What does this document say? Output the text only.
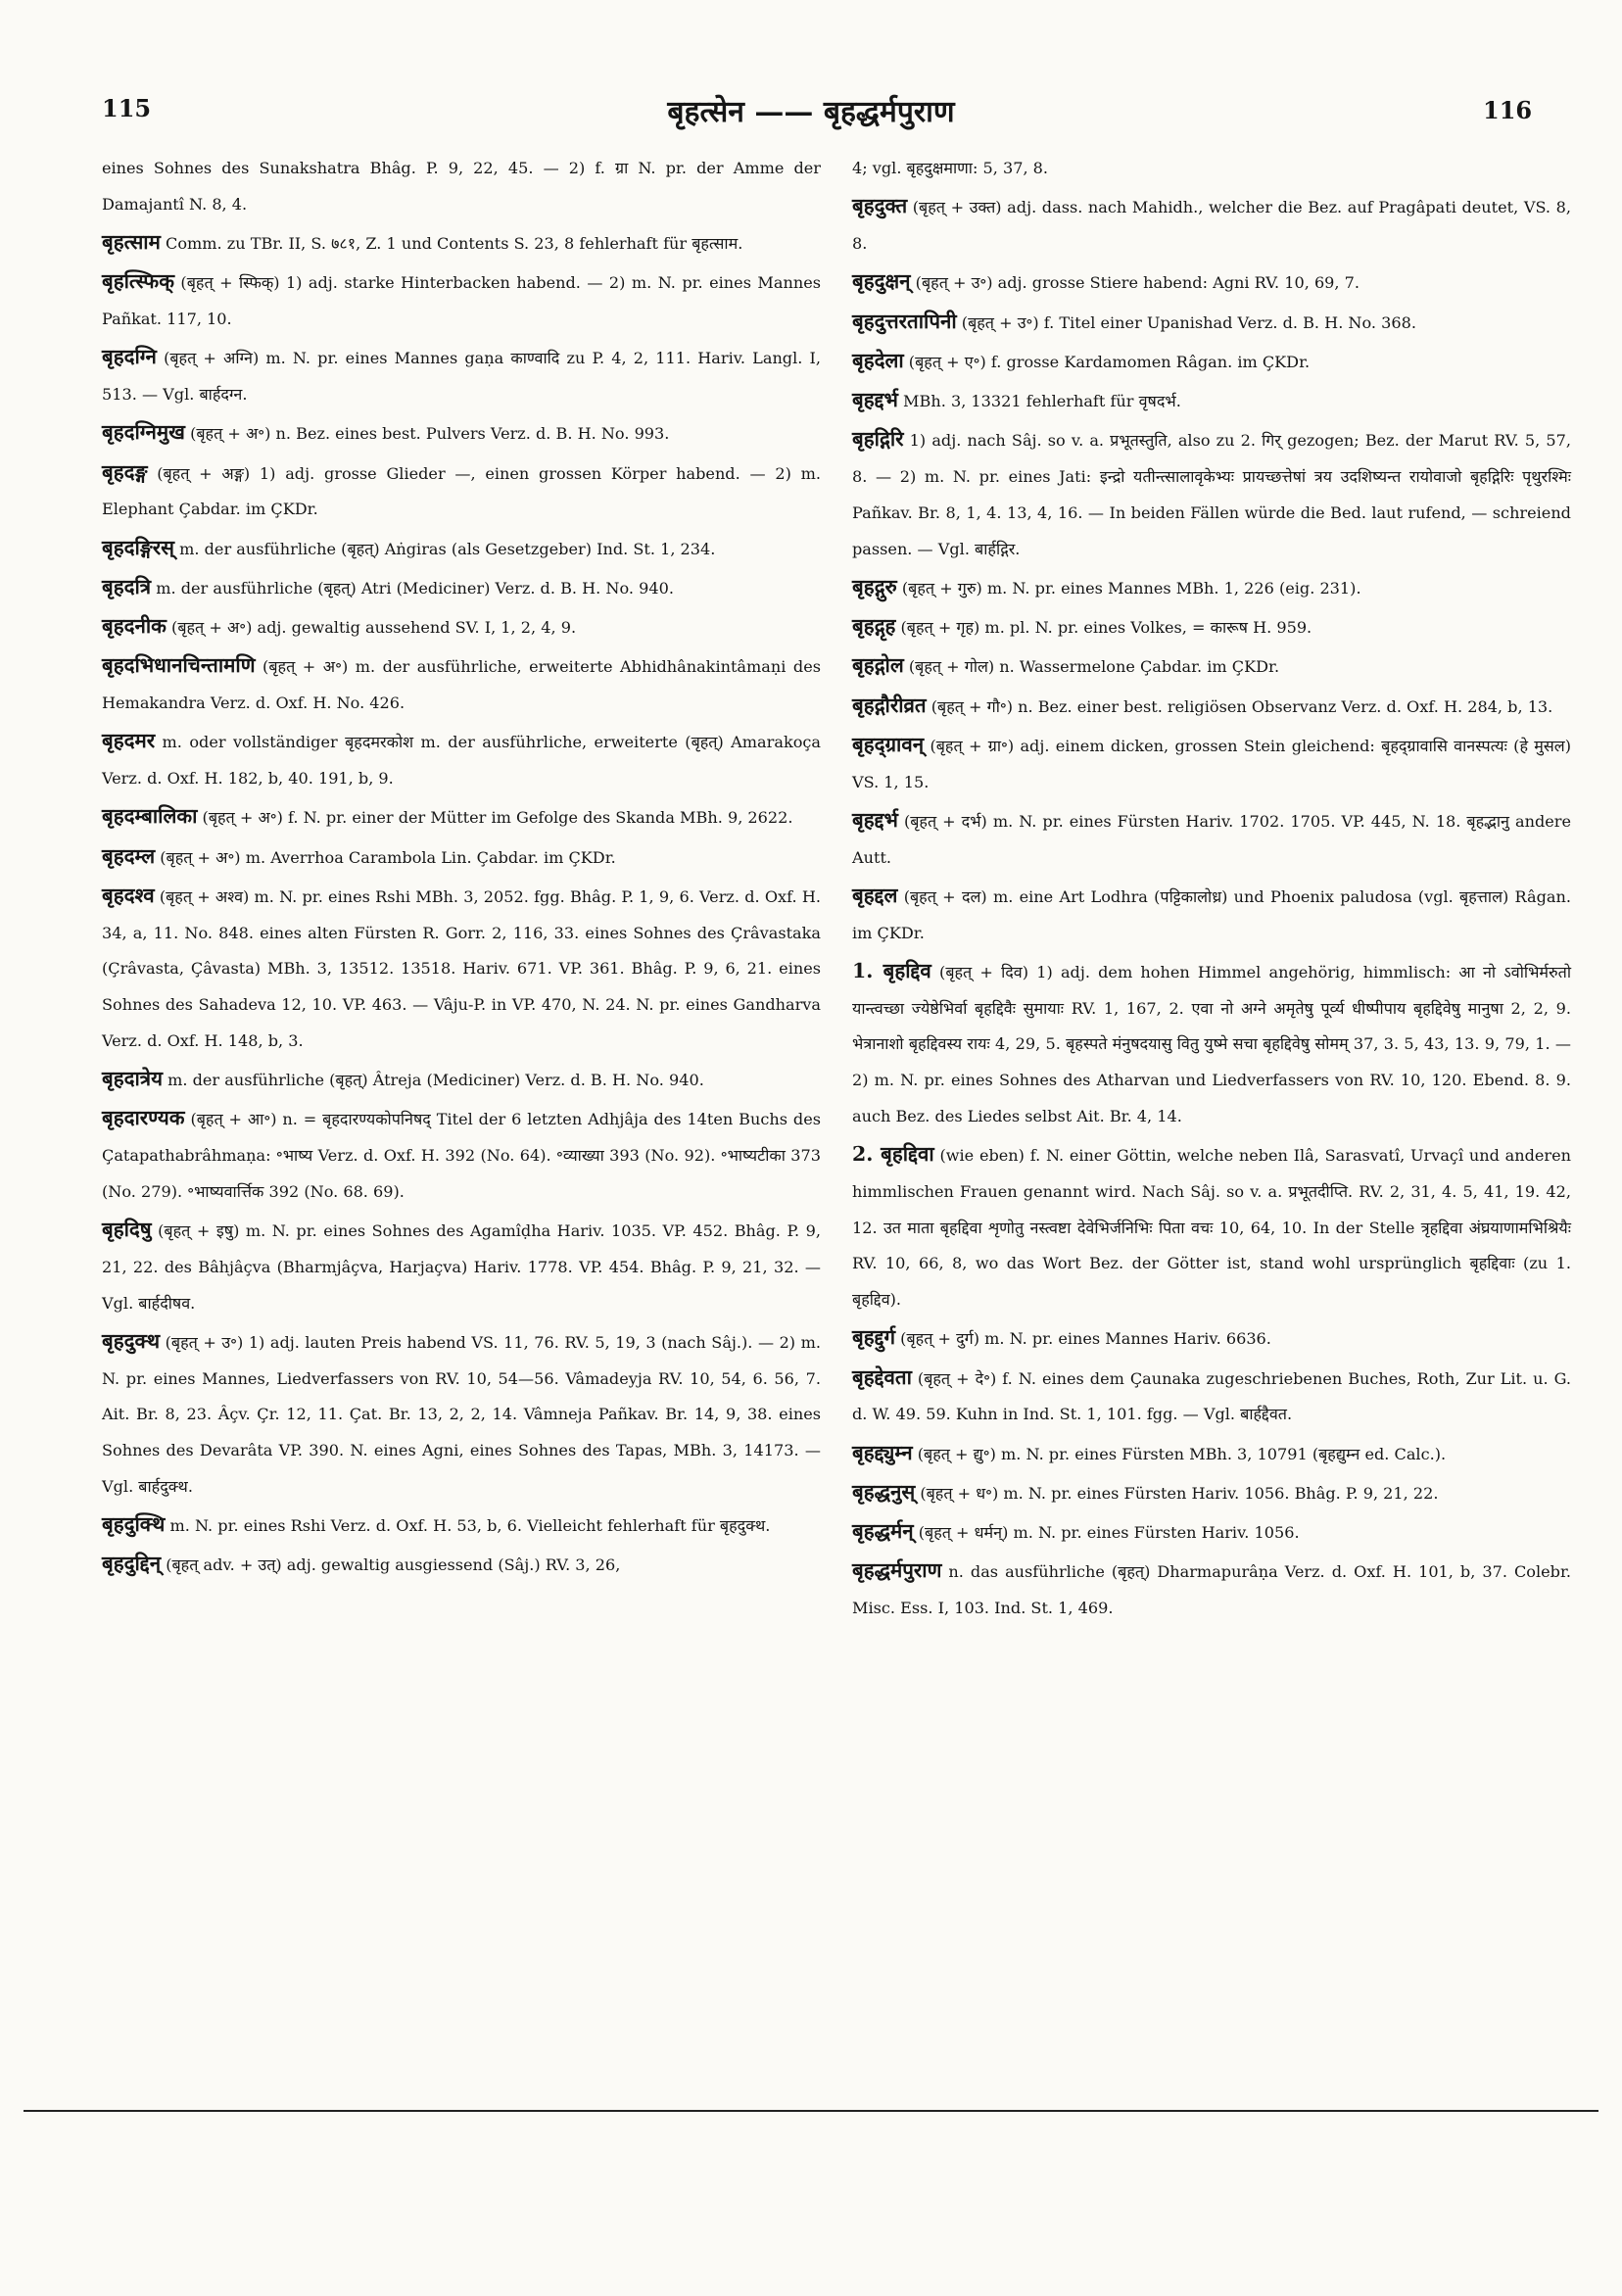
115	बृहत्सेन —— बृहद्धर्मपुराण	116

eines Sohnes des Sunakshatra Bhâg. P. 9, 22, 45. — 2) f. ग्रा N. pr. der Amme der Damajantî N. 8, 4.

बृहत्साम Comm. zu TBr. II, S. ७८१, Z. 1 und Contents S. 23, 8 fehlerhaft für बृहत्साम.

बृहत्स्फिक् (बृहत् + स्फिक्) 1) adj. starke Hinterbacken habend. — 2) m. N. pr. eines Mannes Pañkat. 117, 10.

बृहदग्नि (बृहत् + अग्नि) m. N. pr. eines Mannes gaṇa काण्वादि zu P. 4, 2, 111. Hariv. Langl. I, 513. — Vgl. बार्हदग्न.

बृहदग्निमुख (बृहत् + अ॰) n. Bez. eines best. Pulvers Verz. d. B. H. No. 993.

बृहदङ्ग (बृहत् + अङ्ग) 1) adj. grosse Glieder —, einen grossen Körper habend. — 2) m. Elephant Çabdar. im ÇKDr.

बृहदङ्गिरस् m. der ausführliche (बृहत्) Aṅgiras (als Gesetzgeber) Ind. St. 1, 234.

बृहदत्रि m. der ausführliche (बृहत्) Atri (Mediciner) Verz. d. B. H. No. 940.

बृहदनीक (बृहत् + अ॰) adj. gewaltig aussehend SV. I, 1, 2, 4, 9.

बृहदभिधानचिन्तामणि (बृहत् + अ॰) m. der ausführliche, erweiterte Abhidhânakintâmaṇi des Hemakandra Verz. d. Oxf. H. No. 426.

बृहदमर m. oder vollständiger बृहदमरकोश m. der ausführliche, erweiterte (बृहत्) Amarakoça Verz. d. Oxf. H. 182, b, 40. 191, b, 9.

बृहदम्बालिका (बृहत् + अ॰) f. N. pr. einer der Mütter im Gefolge des Skanda MBh. 9, 2622.

बृहदम्ल (बृहत् + अ॰) m. Averrhoa Carambola Lin. Çabdar. im ÇKDr.

बृहदश्व (बृहत् + अश्व) m. N. pr. eines Rshi MBh. 3, 2052. fgg. Bhâg. P. 1, 9, 6. Verz. d. Oxf. H. 34, a, 11. No. 848. eines alten Fürsten R. Gorr. 2, 116, 33. eines Sohnes des Çrâvastaka (Çrâvasta, Çâvasta) MBh. 3, 13512. 13518. Hariv. 671. VP. 361. Bhâg. P. 9, 6, 21. eines Sohnes des Sahadeva 12, 10. VP. 463. — Vâju-P. in VP. 470, N. 24. N. pr. eines Gandharva Verz. d. Oxf. H. 148, b, 3.

बृहदात्रेय m. der ausführliche (बृहत्) Âtreja (Mediciner) Verz. d. B. H. No. 940.

बृहदारण्यक (बृहत् + आ॰) n. = बृहदारण्यकोपनिषद् Titel der 6 letzten Adhjâja des 14ten Buchs des Çatapathabrâhmaṇa: ॰भाष्य Verz. d. Oxf. H. 392 (No. 64). ॰व्याख्या 393 (No. 92). ॰भाष्यटीका 373 (No. 279). ॰भाष्यवार्त्तिक 392 (No. 68. 69).

बृहदिषु (बृहत् + इषु) m. N. pr. eines Sohnes des Agamîḍha Hariv. 1035. VP. 452. Bhâg. P. 9, 21, 22. des Bâhjâçva (Bharmjâçva, Harjaçva) Hariv. 1778. VP. 454. Bhâg. P. 9, 21, 32. — Vgl. बार्हदीषव.

बृहदुक्थ (बृहत् + उ॰) 1) adj. lauten Preis habend VS. 11, 76. RV. 5, 19, 3 (nach Sâj.). — 2) m. N. pr. eines Mannes, Liedverfassers von RV. 10, 54—56. Vâmadeyja RV. 10, 54, 6. 56, 7. Ait. Br. 8, 23. Âçv. Çr. 12, 11. Çat. Br. 13, 2, 2, 14. Vâmneja Pañkav. Br. 14, 9, 38. eines Sohnes des Devarâta VP. 390. N. eines Agni, eines Sohnes des Tapas, MBh. 3, 14173. — Vgl. बार्हदुक्थ.

बृहदुक्थि m. N. pr. eines Rshi Verz. d. Oxf. H. 53, b, 6. Vielleicht fehlerhaft für बृहदुक्थ.

बृहदुद्दिन् (बृहत् adv. + उत्) adj. gewaltig ausgiessend (Sâj.) RV. 3, 26,

4; vgl. बृहदुक्षमाणा: 5, 37, 8.

बृहदुक्त (बृहत् + उक्त) adj. dass. nach Mahidh., welcher die Bez. auf Pragâpati deutet, VS. 8, 8.

बृहदुक्षन् (बृहत् + उ॰) adj. grosse Stiere habend: Agni RV. 10, 69, 7.

बृहदुत्तरतापिनी (बृहत् + उ॰) f. Titel einer Upanishad Verz. d. B. H. No. 368.

बृहदेला (बृहत् + ए॰) f. grosse Kardamomen Râgan. im ÇKDr.

बृहद्दर्भ MBh. 3, 13321 fehlerhaft für वृषदर्भ.

बृहद्गिरि 1) adj. nach Sâj. so v. a. प्रभूतस्तुति, also zu 2. गिर् gezogen; Bez. der Marut RV. 5, 57, 8. — 2) m. N. pr. eines Jati: इन्द्रो यतीन्त्सालावृकेभ्यः प्रायच्छत्तेषां त्रय उदशिष्यन्त रायोवाजो बृहद्गिरिः पृथुरश्मिः Pañkav. Br. 8, 1, 4. 13, 4, 16. — In beiden Fällen würde die Bed. laut rufend, — schreiend passen. — Vgl. बार्हद्गिर.

बृहद्गुरु (बृहत् + गुरु) m. N. pr. eines Mannes MBh. 1, 226 (eig. 231).

बृहद्गृह (बृहत् + गृह) m. pl. N. pr. eines Volkes, = कारूष H. 959.

बृहद्गोल (बृहत् + गोल) n. Wassermelone Çabdar. im ÇKDr.

बृहद्गौरीव्रत (बृहत् + गौ॰) n. Bez. einer best. religiösen Observanz Verz. d. Oxf. H. 284, b, 13.

बृहद्ग्रावन् (बृहत् + ग्रा॰) adj. einem dicken, grossen Stein gleichend: बृहद्ग्रावासि वानस्पत्यः (हे मुसल) VS. 1, 15.

बृहद्दर्भ (बृहत् + दर्भ) m. N. pr. eines Fürsten Hariv. 1702. 1705. VP. 445, N. 18. बृहद्भानु andere Autt.

बृहद्दल (बृहत् + दल) m. eine Art Lodhra (पट्टिकालोध्र) und Phoenix paludosa (vgl. बृहत्ताल) Râgan. im ÇKDr.

1. बृहद्दिव (बृहत् + दिव) 1) adj. dem hohen Himmel angehörig, himmlisch: आ नो ऽवोभिर्मरुतो यान्त्वच्छा ज्येष्ठेभिर्वा बृहद्दिवैः सुमायाः RV. 1, 167, 2. एवा नो अग्ने अमृतेषु पूर्व्य धीष्पीपाय बृहद्दिवेषु मानुषा 2, 2, 9. भेत्रानाशो बृहद्दिवस्य रायः 4, 29, 5. बृहस्पते मंनुषदयासु वितु युष्मे सचा बृहद्दिवेषु सोमम् 37, 3. 5, 43, 13. 9, 79, 1. — 2) m. N. pr. eines Sohnes des Atharvan und Liedverfassers von RV. 10, 120. Ebend. 8. 9. auch Bez. des Liedes selbst Ait. Br. 4, 14.

2. बृहद्दिवा (wie eben) f. N. einer Göttin, welche neben Ilâ, Sarasvatî, Urvaçî und anderen himmlischen Frauen genannt wird. Nach Sâj. so v. a. प्रभूतदीप्ति. RV. 2, 31, 4. 5, 41, 19. 42, 12. उत माता बृहद्दिवा शृणोतु नस्त्वष्टा देवेभिर्जनिभिः पिता वचः 10, 64, 10. In der Stelle त्रृहद्दिवा अंघ्रयाणामभिश्रियैः RV. 10, 66, 8, wo das Wort Bez. der Götter ist, stand wohl ursprünglich बृहद्दिवाः (zu 1. बृहद्दिव).

बृहद्दुर्ग (बृहत् + दुर्ग) m. N. pr. eines Mannes Hariv. 6636.

बृहद्देवता (बृहत् + दे॰) f. N. eines dem Çaunaka zugeschriebenen Buches, Roth, Zur Lit. u. G. d. W. 49. 59. Kuhn in Ind. St. 1, 101. fgg. — Vgl. बार्हद्दैवत.

बृहद्द्युम्न (बृहत् + द्यु॰) m. N. pr. eines Fürsten MBh. 3, 10791 (बृहद्युम्न ed. Calc.).

बृहद्धनुस् (बृहत् + ध॰) m. N. pr. eines Fürsten Hariv. 1056. Bhâg. P. 9, 21, 22.

बृहद्धर्मन् (बृहत् + धर्मन्) m. N. pr. eines Fürsten Hariv. 1056.

बृहद्धर्मपुराण n. das ausführliche (बृहत्) Dharmapurâṇa Verz. d. Oxf. H. 101, b, 37. Colebr. Misc. Ess. I, 103. Ind. St. 1, 469.
